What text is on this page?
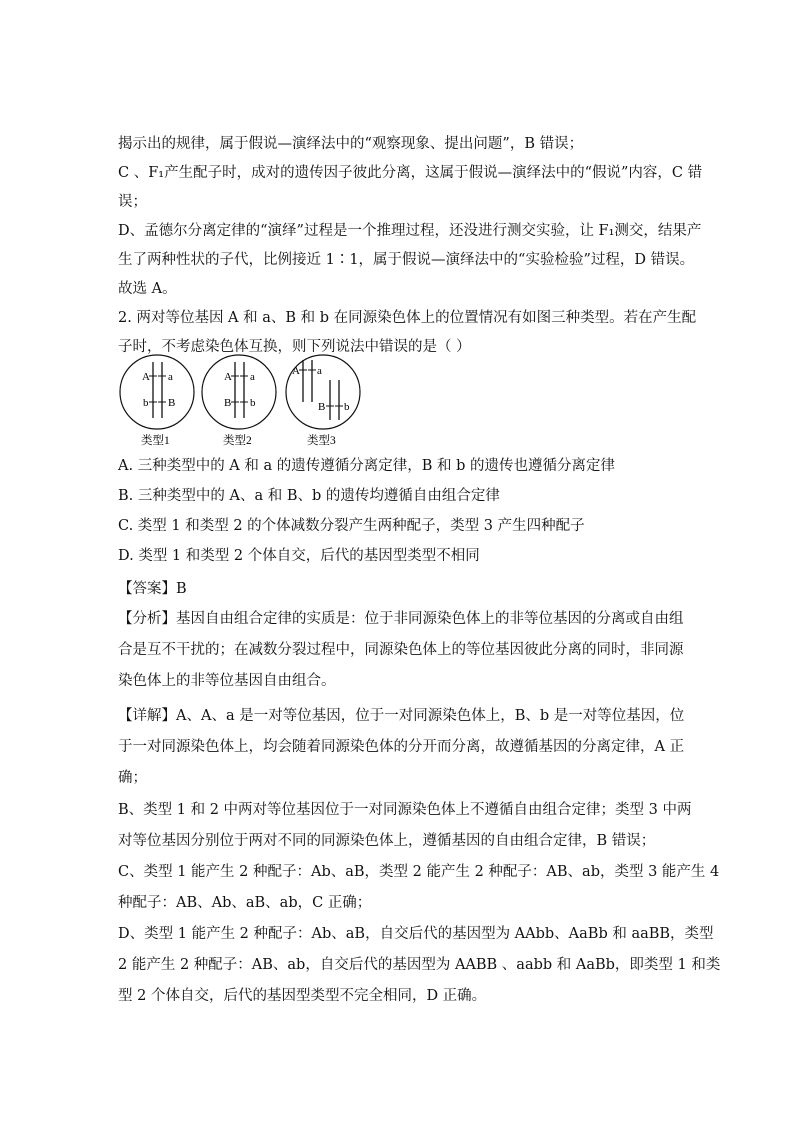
揭示出的规律，属于假说—演绎法中的“观察现象、提出问题”，B 错误；
C 、F₁产生配子时，成对的遗传因子彼此分离，这属于假说—演绎法中的“假说”内容，C 错
误；
D、孟德尔分离定律的“演绎”过程是一个推理过程，还没进行测交实验，让 F₁测交，结果产
生了两种性状的子代，比例接近 1∶1，属于假说—演绎法中的“实验检验”过程，D 错误。
故选 A。
2. 两对等位基因 A 和 a、B 和 b 在同源染色体上的位置情况有如图三种类型。若在产生配
子时，不考虑染色体互换，则下列说法中错误的是（ ）
A a
b B
类型1
A a
B b
类型2
A a
B b
类型3
A. 三种类型中的 A 和 a 的遗传遵循分离定律，B 和 b 的遗传也遵循分离定律
B. 三种类型中的 A、a 和 B、b 的遗传均遵循自由组合定律
C. 类型 1 和类型 2 的个体减数分裂产生两种配子，类型 3 产生四种配子
D. 类型 1 和类型 2 个体自交，后代的基因型类型不相同
【答案】B
【分析】基因自由组合定律的实质是：位于非同源染色体上的非等位基因的分离或自由组
合是互不干扰的；在减数分裂过程中，同源染色体上的等位基因彼此分离的同时，非同源
染色体上的非等位基因自由组合。
【详解】A、A、a 是一对等位基因，位于一对同源染色体上，B、b 是一对等位基因，位
于一对同源染色体上，均会随着同源染色体的分开而分离，故遵循基因的分离定律，A 正
确；
B、类型 1 和 2 中两对等位基因位于一对同源染色体上不遵循自由组合定律；类型 3 中两
对等位基因分别位于两对不同的同源染色体上，遵循基因的自由组合定律，B 错误；
C、类型 1 能产生 2 种配子：Ab、aB，类型 2 能产生 2 种配子：AB、ab，类型 3 能产生 4
种配子：AB、Ab、aB、ab，C 正确；
D、类型 1 能产生 2 种配子：Ab、aB，自交后代的基因型为 AAbb、AaBb 和 aaBB，类型
2 能产生 2 种配子：AB、ab，自交后代的基因型为 AABB 、aabb 和 AaBb，即类型 1 和类
型 2 个体自交，后代的基因型类型不完全相同，D 正确。
